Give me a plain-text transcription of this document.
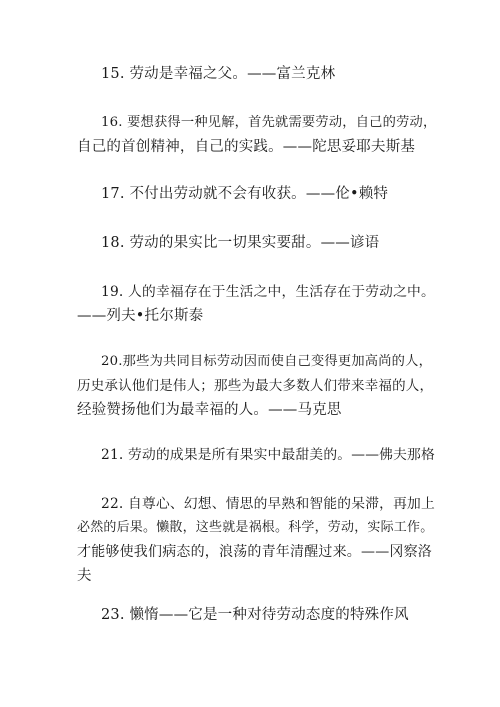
15. 劳动是幸福之父。——富兰克林
16. 要想获得一种见解，首先就需要劳动，自己的劳动，
自己的首创精神，自己的实践。——陀思妥耶夫斯基
17. 不付出劳动就不会有收获。——伦•赖特
18. 劳动的果实比一切果实要甜。——谚语
19. 人的幸福存在于生活之中，生活存在于劳动之中。
——列夫•托尔斯泰
20.那些为共同目标劳动因而使自己变得更加高尚的人，
历史承认他们是伟人；那些为最大多数人们带来幸福的人，
经验赞扬他们为最幸福的人。——马克思
21. 劳动的成果是所有果实中最甜美的。——佛夫那格
22. 自尊心、幻想、情思的早熟和智能的呆滞，再加上
必然的后果。懒散，这些就是祸根。科学，劳动，实际工作。
才能够使我们病态的，浪荡的青年清醒过来。——冈察洛
夫
23. 懒惰——它是一种对待劳动态度的特殊作风
